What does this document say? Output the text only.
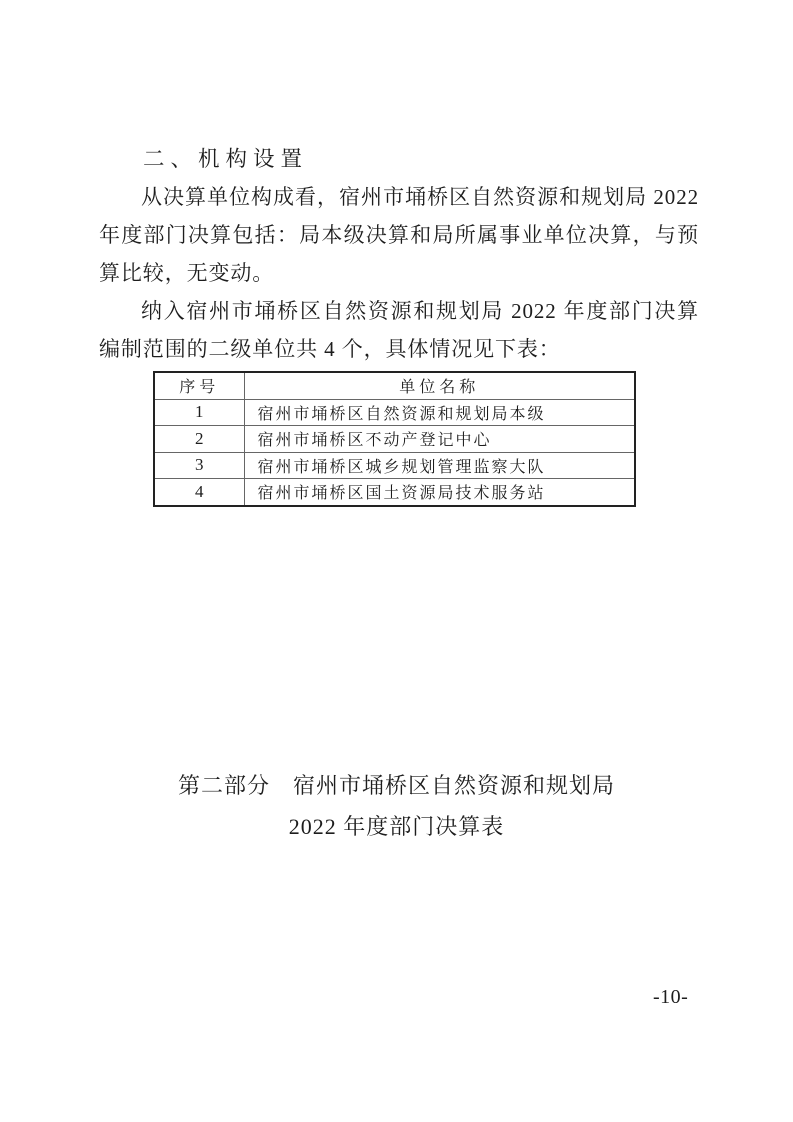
二、机构设置

从决算单位构成看，宿州市埇桥区自然资源和规划局 2022 年度部门决算包括：局本级决算和局所属事业单位决算，与预算比较，无变动。

纳入宿州市埇桥区自然资源和规划局 2022 年度部门决算编制范围的二级单位共 4 个，具体情况见下表：

序号	单位名称
1	宿州市埇桥区自然资源和规划局本级
2	宿州市埇桥区不动产登记中心
3	宿州市埇桥区城乡规划管理监察大队
4	宿州市埇桥区国土资源局技术服务站
第二部分　宿州市埇桥区自然资源和规划局
2022 年度部门决算表
-10-
